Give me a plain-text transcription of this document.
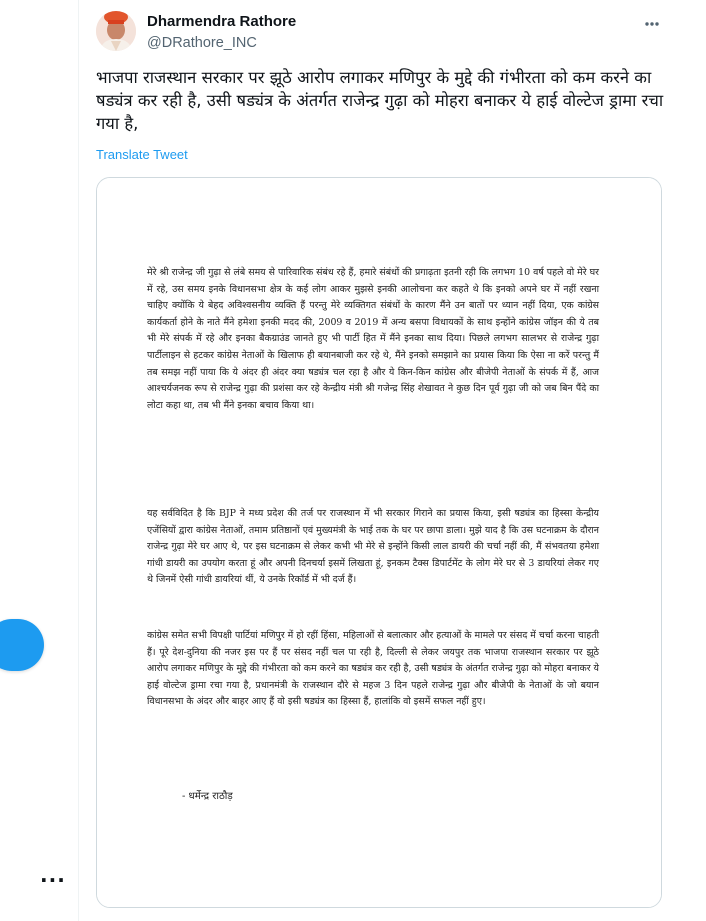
···
Dharmendra Rathore
@DRathore_INC
भाजपा राजस्थान सरकार पर झूठे आरोप लगाकर मणिपुर के मुद्दे की गंभीरता को कम करने का षड्यंत्र कर रही है, उसी षड्यंत्र के अंतर्गत राजेन्द्र गुढ़ा को मोहरा बनाकर ये हाई वोल्टेज ड्रामा रचा गया है,
Translate Tweet

मेरे श्री राजेन्द्र जी गुढ़ा से लंबे समय से पारिवारिक संबंध रहे हैं, हमारे संबंधों की प्रगाढ़ता इतनी रही कि लगभग 10 वर्ष पहले वो मेरे घर में रहे, उस समय इनके विधानसभा क्षेत्र के कई लोग आकर मुझसे इनकी आलोचना कर कहते थे कि इनको अपने घर में नहीं रखना चाहिए क्योंकि ये बेहद अविश्वसनीय व्यक्ति हैं परन्तु मेरे व्यक्तिगत संबंधों के कारण मैंने उन बातों पर ध्यान नहीं दिया, एक कांग्रेस कार्यकर्ता होने के नाते मैंने हमेशा इनकी मदद की, 2009 व 2019 में अन्य बसपा विधायकों के साथ इन्होंने कांग्रेस जॉइन की ये तब भी मेरे संपर्क में रहे और इनका बैकग्राउंड जानते हुए भी पार्टी हित में मैंने इनका साथ दिया। पिछले लगभग सालभर से राजेन्द्र गुढ़ा पार्टीलाइन से हटकर कांग्रेस नेताओं के खिलाफ ही बयानबाजी कर रहे थे, मैंने इनको समझाने का प्रयास किया कि ऐसा ना करें परन्तु मैं तब समझ नहीं पाया कि ये अंदर ही अंदर क्या षड्यंत्र चल रहा है और ये किन-किन कांग्रेस और बीजेपी नेताओं के संपर्क में हैं, आज आश्चर्यजनक रूप से राजेन्द्र गुढ़ा की प्रशंसा कर रहे केन्द्रीय मंत्री श्री गजेन्द्र सिंह शेखावत ने कुछ दिन पूर्व गुढ़ा जी को जब बिन पैंदे का लोटा कहा था, तब भी मैंने इनका बचाव किया था।

यह सर्वविदित है कि BJP ने मध्य प्रदेश की तर्ज पर राजस्थान में भी सरकार गिराने का प्रयास किया, इसी षड्यंत्र का हिस्सा केन्द्रीय एजेंसियों द्वारा कांग्रेस नेताओं, तमाम प्रतिष्ठानों एवं मुख्यमंत्री के भाई तक के घर पर छापा डाला। मुझे याद है कि उस घटनाक्रम के दौरान राजेन्द्र गुढ़ा मेरे घर आए थे, पर इस घटनाक्रम से लेकर कभी भी मेरे से इन्होंने किसी लाल डायरी की चर्चा नहीं की, मैं संभवतया हमेशा गांधी डायरी का उपयोग करता हूं और अपनी दिनचर्या इसमें लिखता हूं, इनकम टैक्स डिपार्टमेंट के लोग मेरे घर से 3 डायरियां लेकर गए थे जिनमें ऐसी गांधी डायरियां थीं, ये उनके रिकॉर्ड में भी दर्ज हैं।

कांग्रेस समेत सभी विपक्षी पार्टियां मणिपुर में हो रहीं हिंसा, महिलाओं से बलात्कार और हत्याओं के मामले पर संसद में चर्चा करना चाहती हैं। पूरे देश-दुनिया की नजर इस पर हैं पर संसद नहीं चल पा रही है, दिल्ली से लेकर जयपुर तक भाजपा राजस्थान सरकार पर झूठे आरोप लगाकर मणिपुर के मुद्दे की गंभीरता को कम करने का षड्यंत्र कर रही है, उसी षड्यंत्र के अंतर्गत राजेन्द्र गुढ़ा को मोहरा बनाकर ये हाई वोल्टेज ड्रामा रचा गया है, प्रधानमंत्री के राजस्थान दौरे से महज 3 दिन पहले राजेन्द्र गुढ़ा और बीजेपी के नेताओं के जो बयान विधानसभा के अंदर और बाहर आए हैं वो इसी षड्यंत्र का हिस्सा हैं, हालांकि वो इसमें सफल नहीं हुए।

- धर्मेन्द्र राठौड़
